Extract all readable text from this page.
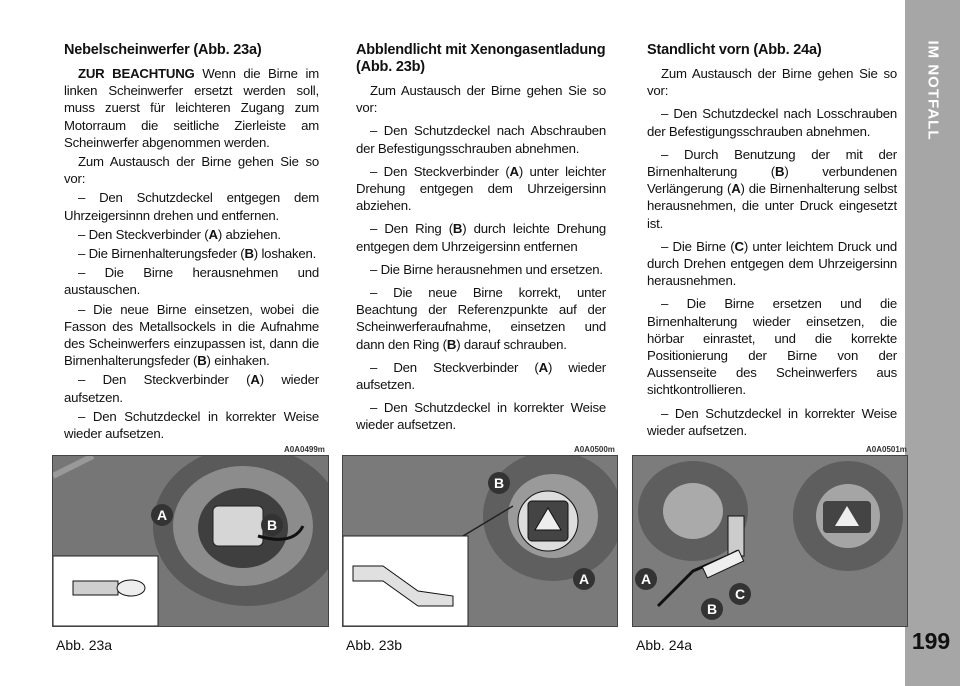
IM NOTFALL
199
Nebelscheinwerfer (Abb. 23a)

ZUR BEACHTUNG Wenn die Birne im linken Scheinwerfer ersetzt werden soll, muss zuerst für leichteren Zugang zum Motorraum die seitliche Zierleiste am Scheinwerfer abgenommen werden.

Zum Austausch der Birne gehen Sie so vor:

– Den Schutzdeckel entgegen dem Uhrzeigersinnn drehen und entfernen.

– Den Steckverbinder (A) abziehen.

– Die Birnenhalterungsfeder (B) loshaken.

– Die Birne herausnehmen und austauschen.

– Die neue Birne einsetzen, wobei die Fasson des Metallsockels in die Aufnahme des Scheinwerfers einzupassen ist, dann die Birnenhalterungsfeder (B) einhaken.

– Den Steckverbinder (A) wieder aufsetzen.

– Den Schutzdeckel in korrekter Weise wieder aufsetzen.

Abblendlicht mit Xenongasentladung (Abb. 23b)

Zum Austausch der Birne gehen Sie so vor:

– Den Schutzdeckel nach Abschrauben der Befestigungsschrauben abnehmen.

– Den Steckverbinder (A) unter leichter Drehung entgegen dem Uhrzeigersinn abziehen.

– Den Ring (B) durch leichte Drehung entgegen dem Uhrzeigersinn entfernen

– Die Birne herausnehmen und ersetzen.

– Die neue Birne korrekt, unter Beachtung der Referenzpunkte auf der Scheinwerferaufnahme, einsetzen und dann den Ring (B) darauf schrauben.

– Den Steckverbinder (A) wieder aufsetzen.

– Den Schutzdeckel in korrekter Weise wieder aufsetzen.

Standlicht vorn (Abb. 24a)

Zum Austausch der Birne gehen Sie so vor:

– Den Schutzdeckel nach Losschrauben der Befestigungsschrauben abnehmen.

– Durch Benutzung der mit der Birnenhalterung (B) verbundenen Verlängerung (A) die Birnenhalterung selbst herausnehmen, die unter Druck eingesetzt ist.

– Die Birne (C) unter leichtem Druck und durch Drehen entgegen dem Uhrzeigersinn herausnehmen.

– Die Birne ersetzen und die Birnenhalterung wieder einsetzen, die hörbar einrastet, und die korrekte Positionierung der Birne von der Aussenseite des Scheinwerfers aus sichtkontrollieren.

– Den Schutzdeckel in korrekter Weise wieder aufsetzen.

A0A0499m
A
B
Abb. 23a
A0A0500m
B
A
Abb. 23b
A0A0501m
A
B
C
Abb. 24a
